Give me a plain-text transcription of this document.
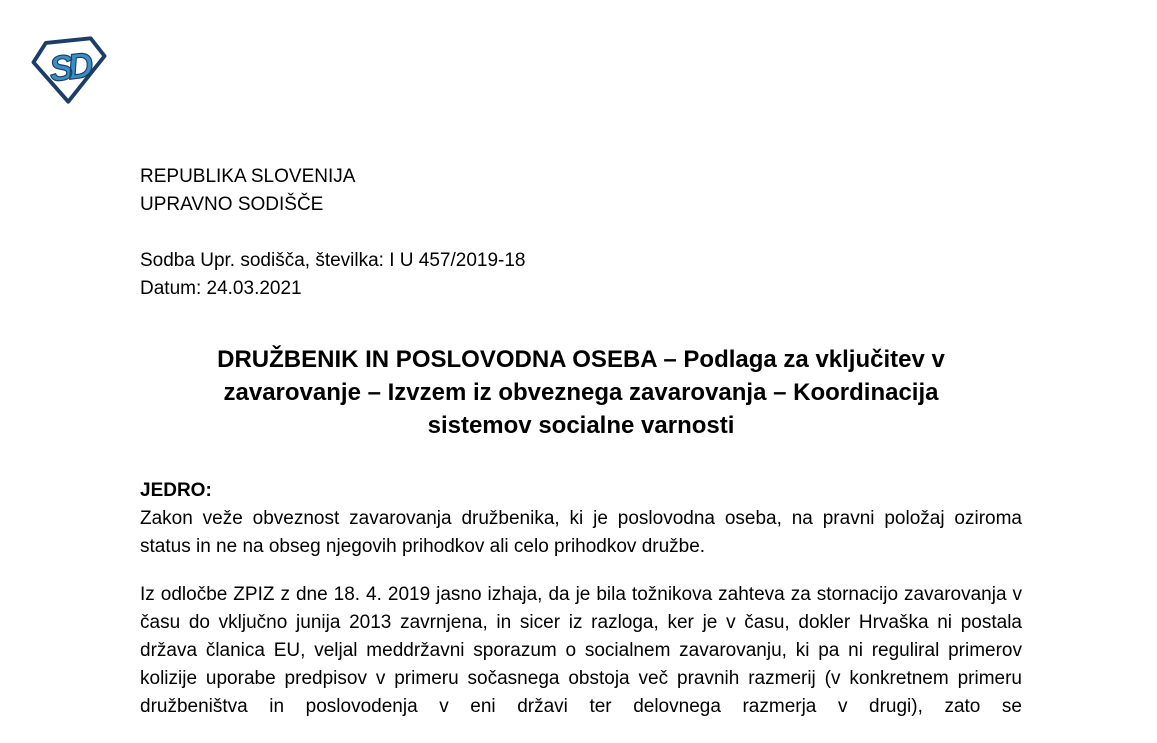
SD
REPUBLIKA SLOVENIJA
UPRAVNO SODIŠČE
Sodba Upr. sodišča, številka: I U 457/2019-18
Datum: 24.03.2021
DRUŽBENIK IN POSLOVODNA OSEBA – Podlaga za vključitev v
zavarovanje – Izvzem iz obveznega zavarovanja – Koordinacija
sistemov socialne varnosti
JEDRO:

Zakon veže obveznost zavarovanja družbenika, ki je poslovodna oseba, na pravni položaj oziroma status in ne na obseg njegovih prihodkov ali celo prihodkov družbe.

Iz odločbe ZPIZ z dne 18. 4. 2019 jasno izhaja, da je bila tožnikova zahteva za stornacijo zavarovanja v času do vključno junija 2013 zavrnjena, in sicer iz razloga, ker je v času, dokler Hrvaška ni postala država članica EU, veljal meddržavni sporazum o socialnem zavarovanju, ki pa ni reguliral primerov kolizije uporabe predpisov v primeru sočasnega obstoja več pravnih razmerij (v konkretnem primeru družbeništva in poslovodenja v eni državi ter delovnega razmerja v drugi), zato se
